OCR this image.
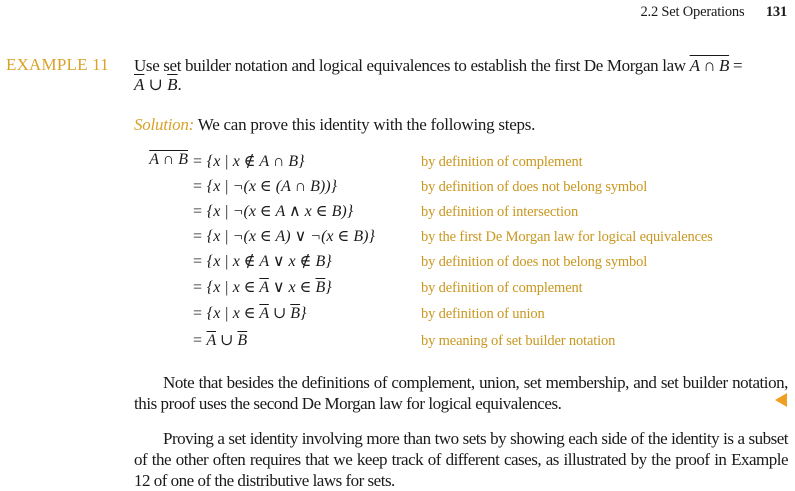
2.2 Set Operations 131
EXAMPLE 11 Use set builder notation and logical equivalences to establish the first De Morgan law A ∩ B =
$\overline{A}$ ∪ $\overline{B}$.
Solution: We can prove this identity with the following steps.
A ∩ B = {x | x ∉ A ∩ B}
= {x | ¬(x ∈ (A ∩ B))}
= {x | ¬(x ∈ A ∧ x ∈ B)}
= {x | ¬(x ∈ A) ∨ ¬(x ∈ B)}
= {x | x ∉ A ∨ x ∉ B}
= {x | x ∈ $\overline{A}$ ∨ x ∈ $\overline{B}$}
= {x | x ∈ $\overline{A}$ ∪ $\overline{B}$}
= $\overline{A}$ ∪ $\overline{B}$
by definition of complement
by definition of does not belong symbol
by definition of intersection
by the first De Morgan law for logical equivalences
by definition of does not belong symbol
by definition of complement
by definition of union
by meaning of set builder notation
Note that besides the definitions of complement, union, set membership, and set builder notation, this proof uses the second De Morgan law for logical equivalences.
Proving a set identity involving more than two sets by showing each side of the identity is a subset of the other often requires that we keep track of different cases, as illustrated by the proof in Example 12 of one of the distributive laws for sets.
